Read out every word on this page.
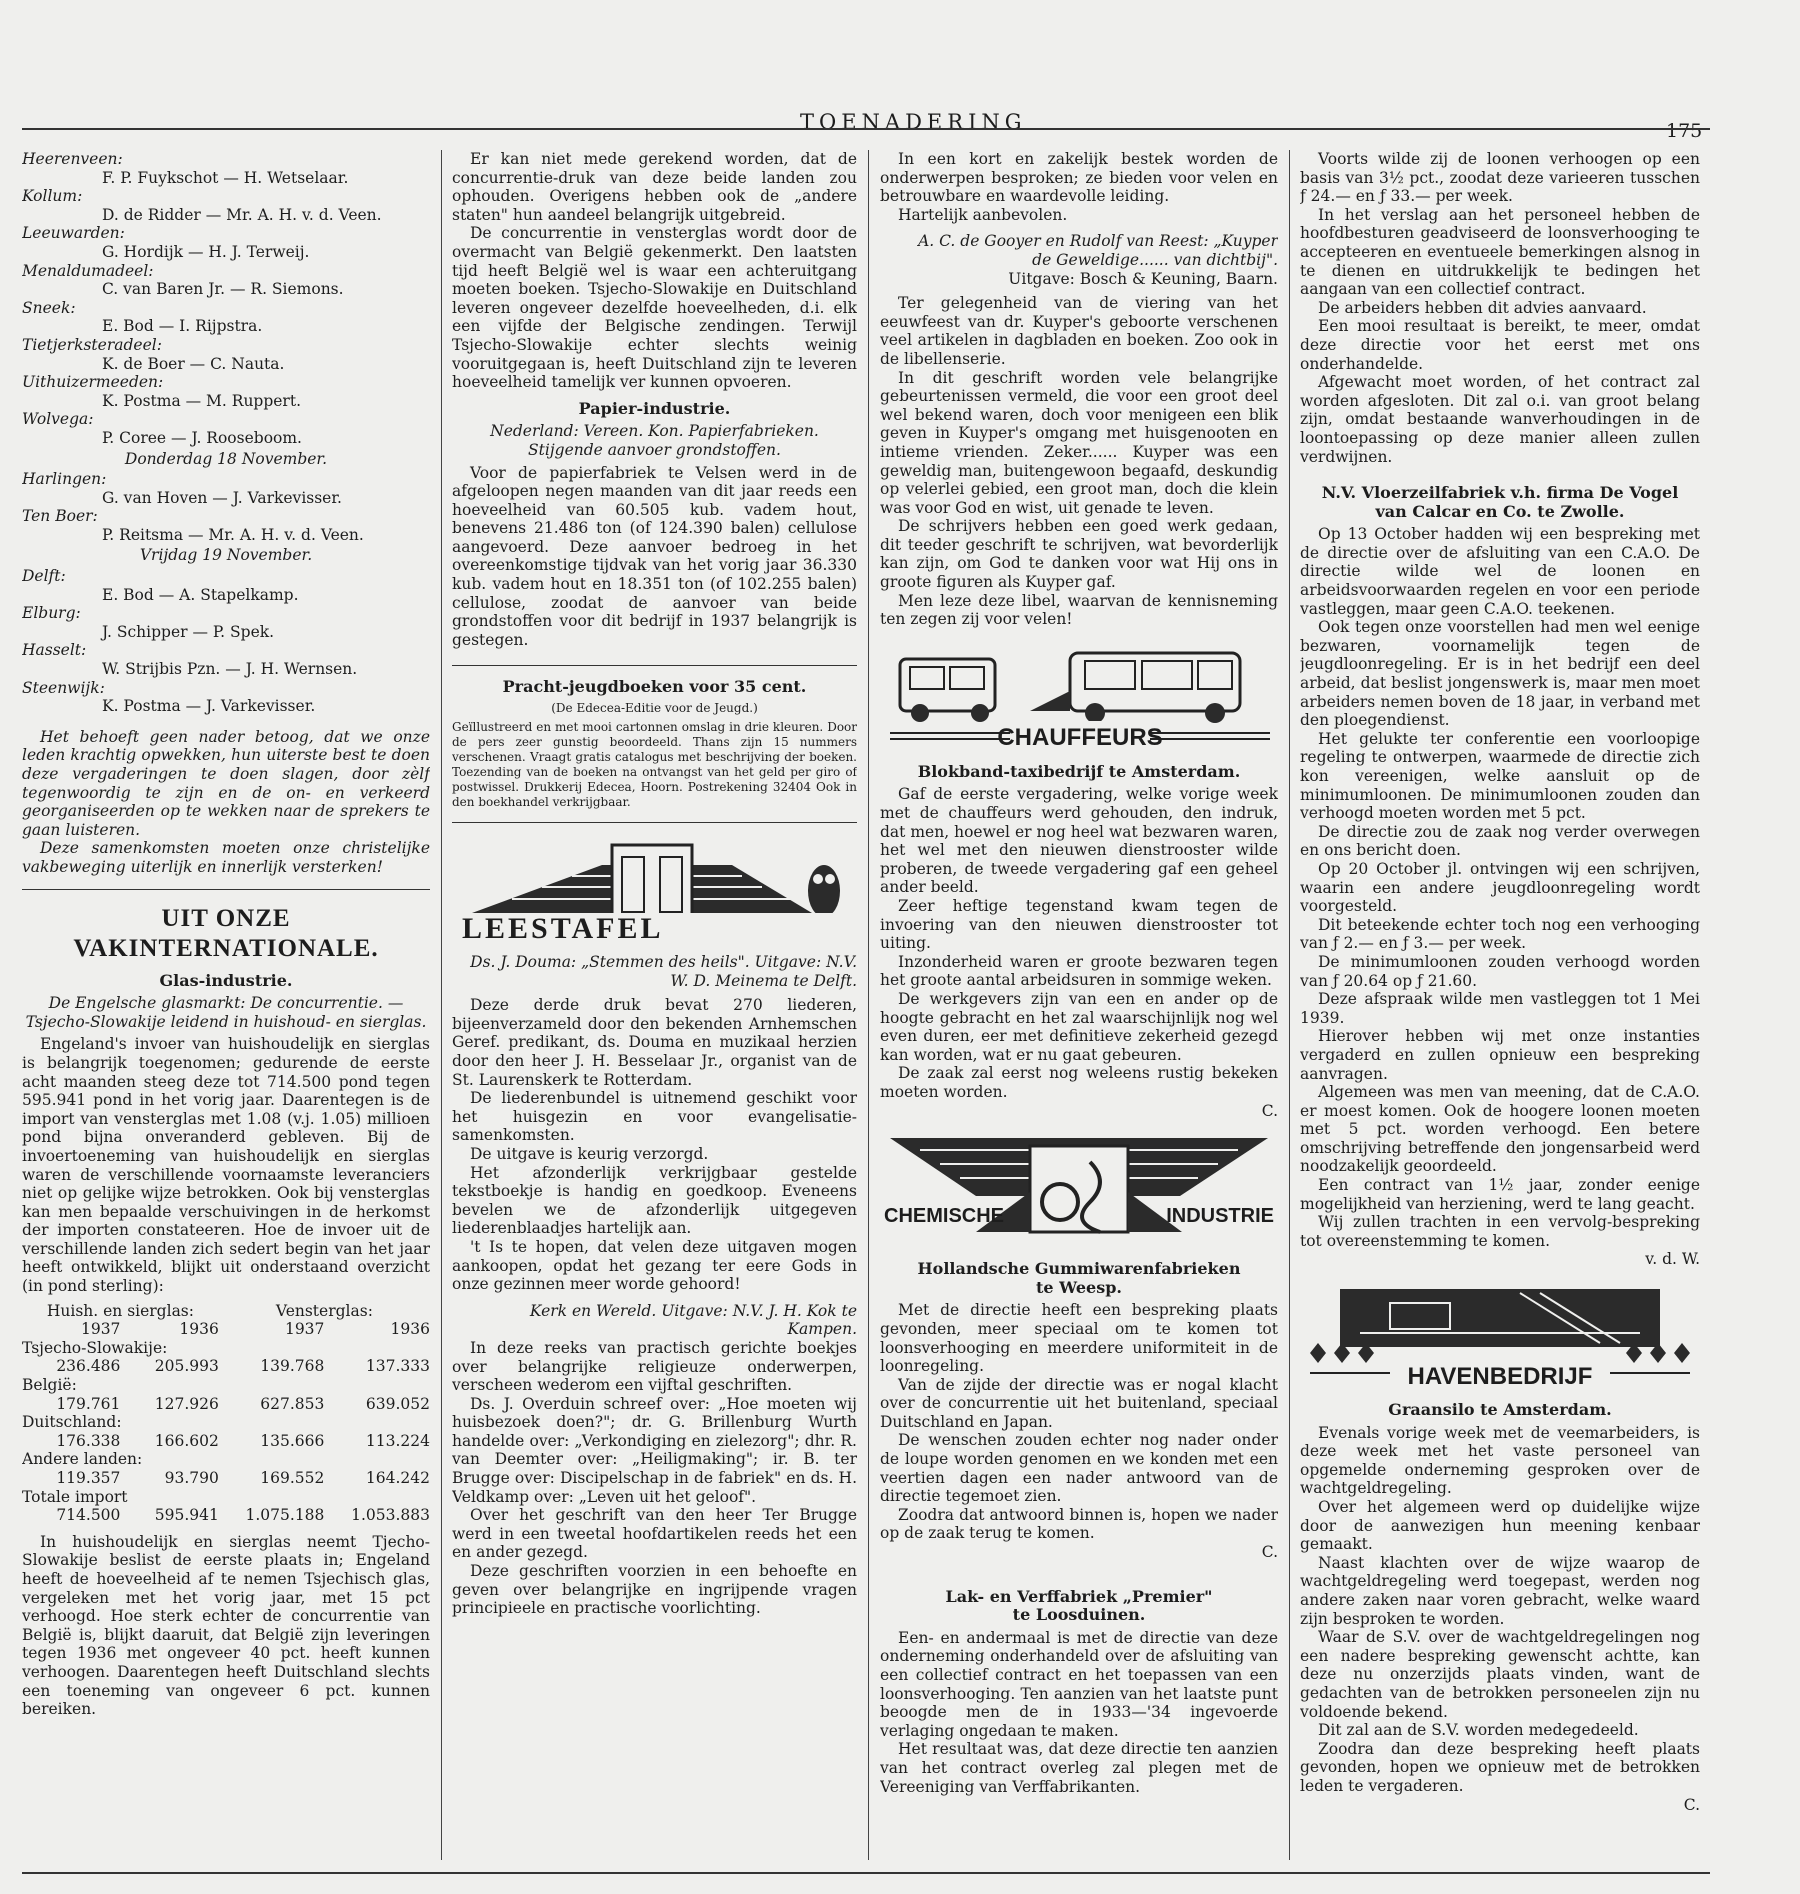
TOENADERING	175
Heerenveen:
F. P. Fuykschot — H. Wetselaar.
Kollum:
D. de Ridder — Mr. A. H. v. d. Veen.
Leeuwarden:
G. Hordijk — H. J. Terweij.
Menaldumadeel:
C. van Baren Jr. — R. Siemons.
Sneek:
E. Bod — I. Rijpstra.
Tietjerksteradeel:
K. de Boer — C. Nauta.
Uithuizermeeden:
K. Postma — M. Ruppert.
Wolvega:
P. Coree — J. Rooseboom.
Donderdag 18 November.
Harlingen:
G. van Hoven — J. Varkevisser.
Ten Boer:
P. Reitsma — Mr. A. H. v. d. Veen.
Vrijdag 19 November.
Delft:
E. Bod — A. Stapelkamp.
Elburg:
J. Schipper — P. Spek.
Hasselt:
W. Strijbis Pzn. — J. H. Wernsen.
Steenwijk:
K. Postma — J. Varkevisser.

Het behoeft geen nader betoog, dat we onze leden krachtig opwekken, hun uiterste best te doen deze vergaderingen te doen slagen, door zèlf tegenwoordig te zijn en de on- en verkeerd georganiseerden op te wekken naar de sprekers te gaan luisteren.

Deze samenkomsten moeten onze christelijke vakbeweging uiterlijk en innerlijk versterken!

UIT ONZE
VAKINTERNATIONALE.
Glas-industrie.
De Engelsche glasmarkt: De concurrentie. — Tsjecho-Slowakije leidend in huishoud- en sierglas.

Engeland's invoer van huishoudelijk en sierglas is belangrijk toegenomen; gedurende de eerste acht maanden steeg deze tot 714.500 pond tegen 595.941 pond in het vorig jaar. Daarentegen is de import van vensterglas met 1.08 (v.j. 1.05) millioen pond bijna onveranderd gebleven. Bij de invoertoeneming van huishoudelijk en sierglas waren de verschillende voornaamste leveranciers niet op gelijke wijze betrokken. Ook bij vensterglas kan men bepaalde verschuivingen in de herkomst der importen constateeren. Hoe de invoer uit de verschillende landen zich sedert begin van het jaar heeft ontwikkeld, blijkt uit onderstaand overzicht (in pond sterling):

Huish. en sierglas:		Vensterglas:	
1937	1936	1937	1936
Tsjecho-Slowakije:			
236.486	205.993	139.768	137.333
België:			
179.761	127.926	627.853	639.052
Duitschland:			
176.338	166.602	135.666	113.224
Andere landen:			
119.357	93.790	169.552	164.242
Totale import			
714.500	595.941	1.075.188	1.053.883

In huishoudelijk en sierglas neemt Tjecho-Slowakije beslist de eerste plaats in; Engeland heeft de hoeveelheid af te nemen Tsjechisch glas, vergeleken met het vorig jaar, met 15 pct verhoogd. Hoe sterk echter de concurrentie van België is, blijkt daaruit, dat België zijn leveringen tegen 1936 met ongeveer 40 pct. heeft kunnen verhoogen. Daarentegen heeft Duitschland slechts een toeneming van ongeveer 6 pct. kunnen bereiken.

Er kan niet mede gerekend worden, dat de concurrentie-druk van deze beide landen zou ophouden. Overigens hebben ook de „andere staten" hun aandeel belangrijk uitgebreid.

De concurrentie in vensterglas wordt door de overmacht van België gekenmerkt. Den laatsten tijd heeft België wel is waar een achteruitgang moeten boeken. Tsjecho-Slowakije en Duitschland leveren ongeveer dezelfde hoeveelheden, d.i. elk een vijfde der Belgische zendingen. Terwijl Tsjecho-Slowakije echter slechts weinig vooruitgegaan is, heeft Duitschland zijn te leveren hoeveelheid tamelijk ver kunnen opvoeren.

Papier-industrie.
Nederland: Vereen. Kon. Papierfabrieken. Stijgende aanvoer grondstoffen.

Voor de papierfabriek te Velsen werd in de afgeloopen negen maanden van dit jaar reeds een hoeveelheid van 60.505 kub. vadem hout, benevens 21.486 ton (of 124.390 balen) cellulose aangevoerd. Deze aanvoer bedroeg in het overeenkomstige tijdvak van het vorig jaar 36.330 kub. vadem hout en 18.351 ton (of 102.255 balen) cellulose, zoodat de aanvoer van beide grondstoffen voor dit bedrijf in 1937 belangrijk is gestegen.

Pracht-jeugdboeken voor 35 cent.
(De Edecea-Editie voor de Jeugd.)

Geïllustreerd en met mooi cartonnen omslag in drie kleuren. Door de pers zeer gunstig beoordeeld. Thans zijn 15 nummers verschenen. Vraagt gratis catalogus met beschrijving der boeken. Toezending van de boeken na ontvangst van het geld per giro of postwissel. Drukkerij Edecea, Hoorn. Postrekening 32404 Ook in den boekhandel verkrijgbaar.

LEESTAFEL

Ds. J. Douma: „Stemmen des heils". Uitgave: N.V. W. D. Meinema te Delft.

Deze derde druk bevat 270 liederen, bijeenverzameld door den bekenden Arnhemschen Geref. predikant, ds. Douma en muzikaal herzien door den heer J. H. Besselaar Jr., organist van de St. Laurenskerk te Rotterdam.

De liederenbundel is uitnemend geschikt voor het huisgezin en voor evangelisatie-samenkomsten.

De uitgave is keurig verzorgd.

Het afzonderlijk verkrijgbaar gestelde tekstboekje is handig en goedkoop. Eveneens bevelen we de afzonderlijk uitgegeven liederenblaadjes hartelijk aan.

't Is te hopen, dat velen deze uitgaven mogen aankoopen, opdat het gezang ter eere Gods in onze gezinnen meer worde gehoord!

Kerk en Wereld. Uitgave: N.V. J. H. Kok te Kampen.

In deze reeks van practisch gerichte boekjes over belangrijke religieuze onderwerpen, verscheen wederom een vijftal geschriften.

Ds. J. Overduin schreef over: „Hoe moeten wij huisbezoek doen?"; dr. G. Brillenburg Wurth handelde over: „Verkondiging en zielezorg"; dhr. R. van Deemter over: „Heiligmaking"; ir. B. ter Brugge over: Discipelschap in de fabriek" en ds. H. Veldkamp over: „Leven uit het geloof".

Over het geschrift van den heer Ter Brugge werd in een tweetal hoofdartikelen reeds het een en ander gezegd.

Deze geschriften voorzien in een behoefte en geven over belangrijke en ingrijpende vragen principieele en practische voorlichting.

In een kort en zakelijk bestek worden de onderwerpen besproken; ze bieden voor velen en betrouwbare en waardevolle leiding.

Hartelijk aanbevolen.

A. C. de Gooyer en Rudolf van Reest: „Kuyper de Geweldige...... van dichtbij".

Uitgave: Bosch & Keuning, Baarn.

Ter gelegenheid van de viering van het eeuwfeest van dr. Kuyper's geboorte verschenen veel artikelen in dagbladen en boeken. Zoo ook in de libellenserie.

In dit geschrift worden vele belangrijke gebeurtenissen vermeld, die voor een groot deel wel bekend waren, doch voor menigeen een blik geven in Kuyper's omgang met huisgenooten en intieme vrienden. Zeker...... Kuyper was een geweldig man, buitengewoon begaafd, deskundig op velerlei gebied, een groot man, doch die klein was voor God en wist, uit genade te leven.

De schrijvers hebben een goed werk gedaan, dit teeder geschrift te schrijven, wat bevorderlijk kan zijn, om God te danken voor wat Hij ons in groote figuren als Kuyper gaf.

Men leze deze libel, waarvan de kennisneming ten zegen zij voor velen!

CHAUFFEURS
Blokband-taxibedrijf te Amsterdam.

Gaf de eerste vergadering, welke vorige week met de chauffeurs werd gehouden, den indruk, dat men, hoewel er nog heel wat bezwaren waren, het wel met den nieuwen dienstrooster wilde proberen, de tweede vergadering gaf een geheel ander beeld.

Zeer heftige tegenstand kwam tegen de invoering van den nieuwen dienstrooster tot uiting.

Inzonderheid waren er groote bezwaren tegen het groote aantal arbeidsuren in sommige weken.

De werkgevers zijn van een en ander op de hoogte gebracht en het zal waarschijnlijk nog wel even duren, eer met definitieve zekerheid gezegd kan worden, wat er nu gaat gebeuren.

De zaak zal eerst nog weleens rustig bekeken moeten worden.

C.
CHEMISCHE	INDUSTRIE
Hollandsche Gummiwarenfabrieken
te Weesp.

Met de directie heeft een bespreking plaats gevonden, meer speciaal om te komen tot loonsverhooging en meerdere uniformiteit in de loonregeling.

Van de zijde der directie was er nogal klacht over de concurrentie uit het buitenland, speciaal Duitschland en Japan.

De wenschen zouden echter nog nader onder de loupe worden genomen en we konden met een veertien dagen een nader antwoord van de directie tegemoet zien.

Zoodra dat antwoord binnen is, hopen we nader op de zaak terug te komen.

C.
Lak- en Verffabriek „Premier"
te Loosduinen.

Een- en andermaal is met de directie van deze onderneming onderhandeld over de afsluiting van een collectief contract en het toepassen van een loonsverhooging. Ten aanzien van het laatste punt beoogde men de in 1933—'34 ingevoerde verlaging ongedaan te maken.

Het resultaat was, dat deze directie ten aanzien van het contract overleg zal plegen met de Vereeniging van Verffabrikanten.

Voorts wilde zij de loonen verhoogen op een basis van 3½ pct., zoodat deze varieeren tusschen ƒ 24.— en ƒ 33.— per week.

In het verslag aan het personeel hebben de hoofdbesturen geadviseerd de loonsverhooging te accepteeren en eventueele bemerkingen alsnog in te dienen en uitdrukkelijk te bedingen het aangaan van een collectief contract.

De arbeiders hebben dit advies aanvaard.

Een mooi resultaat is bereikt, te meer, omdat deze directie voor het eerst met ons onderhandelde.

Afgewacht moet worden, of het contract zal worden afgesloten. Dit zal o.i. van groot belang zijn, omdat bestaande wanverhoudingen in de loontoepassing op deze manier alleen zullen verdwijnen.

N.V. Vloerzeilfabriek v.h. firma De Vogel
van Calcar en Co. te Zwolle.

Op 13 October hadden wij een bespreking met de directie over de afsluiting van een C.A.O. De directie wilde wel de loonen en arbeidsvoorwaarden regelen en voor een periode vastleggen, maar geen C.A.O. teekenen.

Ook tegen onze voorstellen had men wel eenige bezwaren, voornamelijk tegen de jeugdloonregeling. Er is in het bedrijf een deel arbeid, dat beslist jongenswerk is, maar men moet arbeiders nemen boven de 18 jaar, in verband met den ploegendienst.

Het gelukte ter conferentie een voorloopige regeling te ontwerpen, waarmede de directie zich kon vereenigen, welke aansluit op de minimumloonen. De minimumloonen zouden dan verhoogd moeten worden met 5 pct.

De directie zou de zaak nog verder overwegen en ons bericht doen.

Op 20 October jl. ontvingen wij een schrijven, waarin een andere jeugdloonregeling wordt voorgesteld.

Dit beteekende echter toch nog een verhooging van ƒ 2.— en ƒ 3.— per week.

De minimumloonen zouden verhoogd worden van ƒ 20.64 op ƒ 21.60.

Deze afspraak wilde men vastleggen tot 1 Mei 1939.

Hierover hebben wij met onze instanties vergaderd en zullen opnieuw een bespreking aanvragen.

Algemeen was men van meening, dat de C.A.O. er moest komen. Ook de hoogere loonen moeten met 5 pct. worden verhoogd. Een betere omschrijving betreffende den jongensarbeid werd noodzakelijk geoordeeld.

Een contract van 1½ jaar, zonder eenige mogelijkheid van herziening, werd te lang geacht.

Wij zullen trachten in een vervolg-bespreking tot overeenstemming te komen.

v. d. W.
HAVENBEDRIJF
Graansilo te Amsterdam.

Evenals vorige week met de veemarbeiders, is deze week met het vaste personeel van opgemelde onderneming gesproken over de wachtgeldregeling.

Over het algemeen werd op duidelijke wijze door de aanwezigen hun meening kenbaar gemaakt.

Naast klachten over de wijze waarop de wachtgeldregeling werd toegepast, werden nog andere zaken naar voren gebracht, welke waard zijn besproken te worden.

Waar de S.V. over de wachtgeldregelingen nog een nadere bespreking gewenscht achtte, kan deze nu onzerzijds plaats vinden, want de gedachten van de betrokken personeelen zijn nu voldoende bekend.

Dit zal aan de S.V. worden medegedeeld.

Zoodra dan deze bespreking heeft plaats gevonden, hopen we opnieuw met de betrokken leden te vergaderen.

C.
